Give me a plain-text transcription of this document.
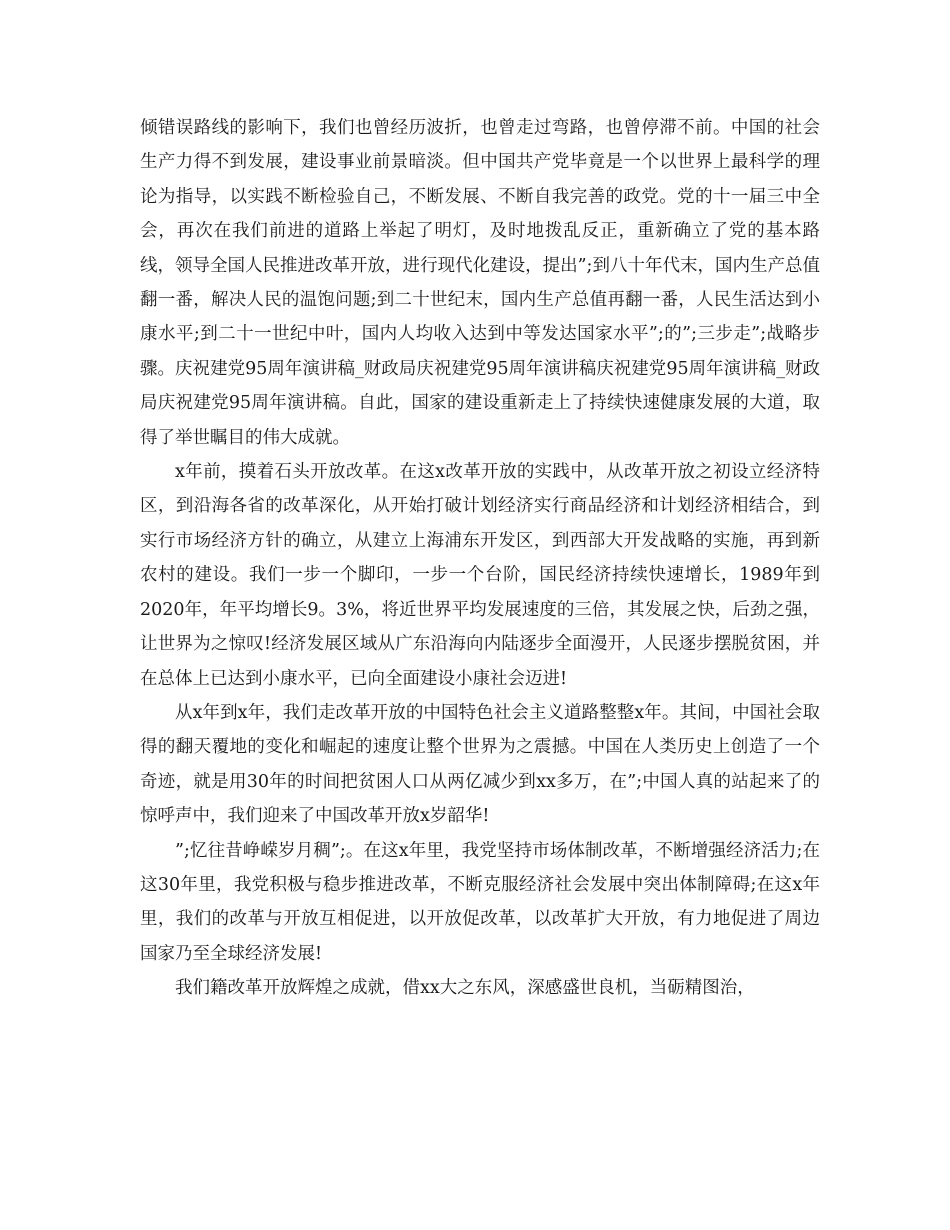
倾错误路线的影响下，我们也曾经历波折，也曾走过弯路，也曾停滞不前。中国的社会生产力得不到发展，建设事业前景暗淡。但中国共产党毕竟是一个以世界上最科学的理论为指导，以实践不断检验自己，不断发展、不断自我完善的政党。党的十一届三中全会，再次在我们前进的道路上举起了明灯，及时地拨乱反正，重新确立了党的基本路线，领导全国人民推进改革开放，进行现代化建设，提出”;到八十年代末，国内生产总值翻一番，解决人民的温饱问题;到二十世纪末，国内生产总值再翻一番，人民生活达到小康水平;到二十一世纪中叶，国内人均收入达到中等发达国家水平”;的”;三步走”;战略步骤。庆祝建党95周年演讲稿_财政局庆祝建党95周年演讲稿庆祝建党95周年演讲稿_财政局庆祝建党95周年演讲稿。自此，国家的建设重新走上了持续快速健康发展的大道，取得了举世瞩目的伟大成就。

x年前，摸着石头开放改革。在这x改革开放的实践中，从改革开放之初设立经济特区，到沿海各省的改革深化，从开始打破计划经济实行商品经济和计划经济相结合，到实行市场经济方针的确立，从建立上海浦东开发区，到西部大开发战略的实施，再到新农村的建设。我们一步一个脚印，一步一个台阶，国民经济持续快速增长，1989年到2020年，年平均增长9。3%，将近世界平均发展速度的三倍，其发展之快，后劲之强，让世界为之惊叹!经济发展区域从广东沿海向内陆逐步全面漫开，人民逐步摆脱贫困，并在总体上已达到小康水平，已向全面建设小康社会迈进!

从x年到x年，我们走改革开放的中国特色社会主义道路整整x年。其间，中国社会取得的翻天覆地的变化和崛起的速度让整个世界为之震撼。中国在人类历史上创造了一个奇迹，就是用30年的时间把贫困人口从两亿减少到xx多万，在”;中国人真的站起来了的惊呼声中，我们迎来了中国改革开放x岁韶华!

”;忆往昔峥嵘岁月稠”;。在这x年里，我党坚持市场体制改革，不断增强经济活力;在这30年里，我党积极与稳步推进改革，不断克服经济社会发展中突出体制障碍;在这x年里，我们的改革与开放互相促进，以开放促改革，以改革扩大开放，有力地促进了周边国家乃至全球经济发展!

我们籍改革开放辉煌之成就，借xx大之东风，深感盛世良机，当砺精图治，
